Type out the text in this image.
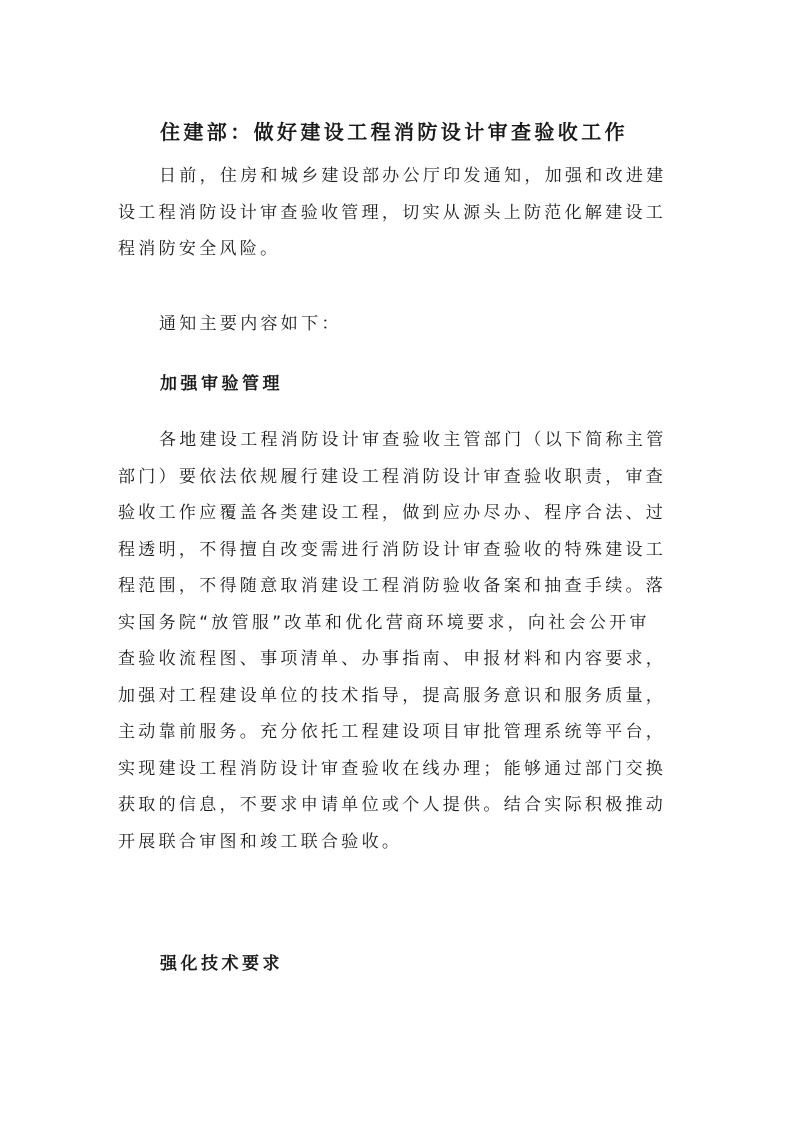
住建部：做好建设工程消防设计审查验收工作
日前，住房和城乡建设部办公厅印发通知，加强和改进建
设工程消防设计审查验收管理，切实从源头上防范化解建设工
程消防安全风险。
通知主要内容如下：
加强审验管理
各地建设工程消防设计审查验收主管部门（以下简称主管
部门）要依法依规履行建设工程消防设计审查验收职责，审查
验收工作应覆盖各类建设工程，做到应办尽办、程序合法、过
程透明，不得擅自改变需进行消防设计审查验收的特殊建设工
程范围，不得随意取消建设工程消防验收备案和抽查手续。落
实国务院“放管服”改革和优化营商环境要求，向社会公开审
查验收流程图、事项清单、办事指南、申报材料和内容要求，
加强对工程建设单位的技术指导，提高服务意识和服务质量，
主动靠前服务。充分依托工程建设项目审批管理系统等平台，
实现建设工程消防设计审查验收在线办理；能够通过部门交换
获取的信息，不要求申请单位或个人提供。结合实际积极推动
开展联合审图和竣工联合验收。
强化技术要求
